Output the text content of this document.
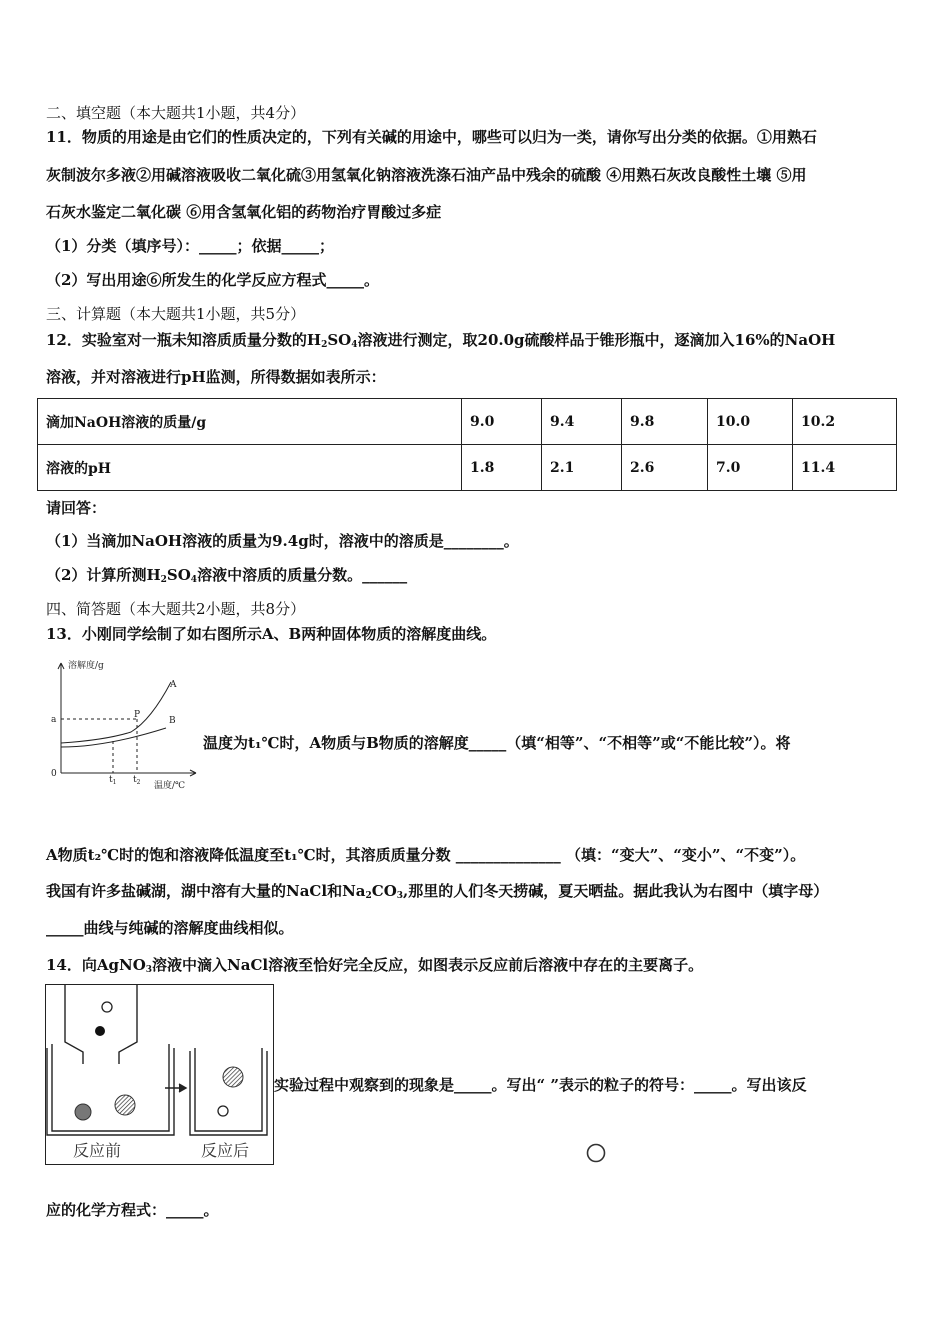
二、填空题（本大题共1小题，共4分）
11．物质的用途是由它们的性质决定的，下列有关碱的用途中，哪些可以归为一类，请你写出分类的依据。①用熟石
灰制波尔多液②用碱溶液吸收二氧化硫③用氢氧化钠溶液洗涤石油产品中残余的硫酸 ④用熟石灰改良酸性土壤 ⑤用
石灰水鉴定二氧化碳 ⑥用含氢氧化铝的药物治疗胃酸过多症
（1）分类（填序号）：_____；依据_____；
（2）写出用途⑥所发生的化学反应方程式_____。
三、计算题（本大题共1小题，共5分）
12．实验室对一瓶未知溶质质量分数的$H_2SO_4$溶液进行测定，取20.0g硫酸样品于锥形瓶中，逐滴加入16%的NaOH
溶液，并对溶液进行pH监测，所得数据如表所示：
滴加NaOH溶液的质量/g	9.0	9.4	9.8	10.0	10.2
溶液的pH	1.8	2.1	2.6	7.0	11.4
请回答：
（1）当滴加NaOH溶液的质量为9.4g时，溶液中的溶质是________。
（2）计算所测$H_2SO_4$溶液中溶质的质量分数。______
四、简答题（本大题共2小题，共8分）
13．小刚同学绘制了如右图所示A、B两种固体物质的溶解度曲线。
溶解度/g
a
0
A
B
P
$t_1$ $t_2$ 温度/℃
温度为t₁℃时，A物质与B物质的溶解度_____（填“相等”、“不相等”或“不能比较”）。将
A物质t₂℃时的饱和溶液降低温度至t₁℃时，其溶质质量分数 ______________ （填：“变大”、“变小”、“不变”）。
我国有许多盐碱湖，湖中溶有大量的NaCl和$Na_2CO_3$,那里的人们冬天捞碱，夏天晒盐。据此我认为右图中（填字母）
_____曲线与纯碱的溶解度曲线相似。
14．向AgNO$_3$溶液中滴入NaCl溶液至恰好完全反应，如图表示反应前后溶液中存在的主要离子。
反应前	反应后
实验过程中观察到的现象是_____。写出“ ”表示的粒子的符号：_____。写出该反
应的化学方程式：_____。
